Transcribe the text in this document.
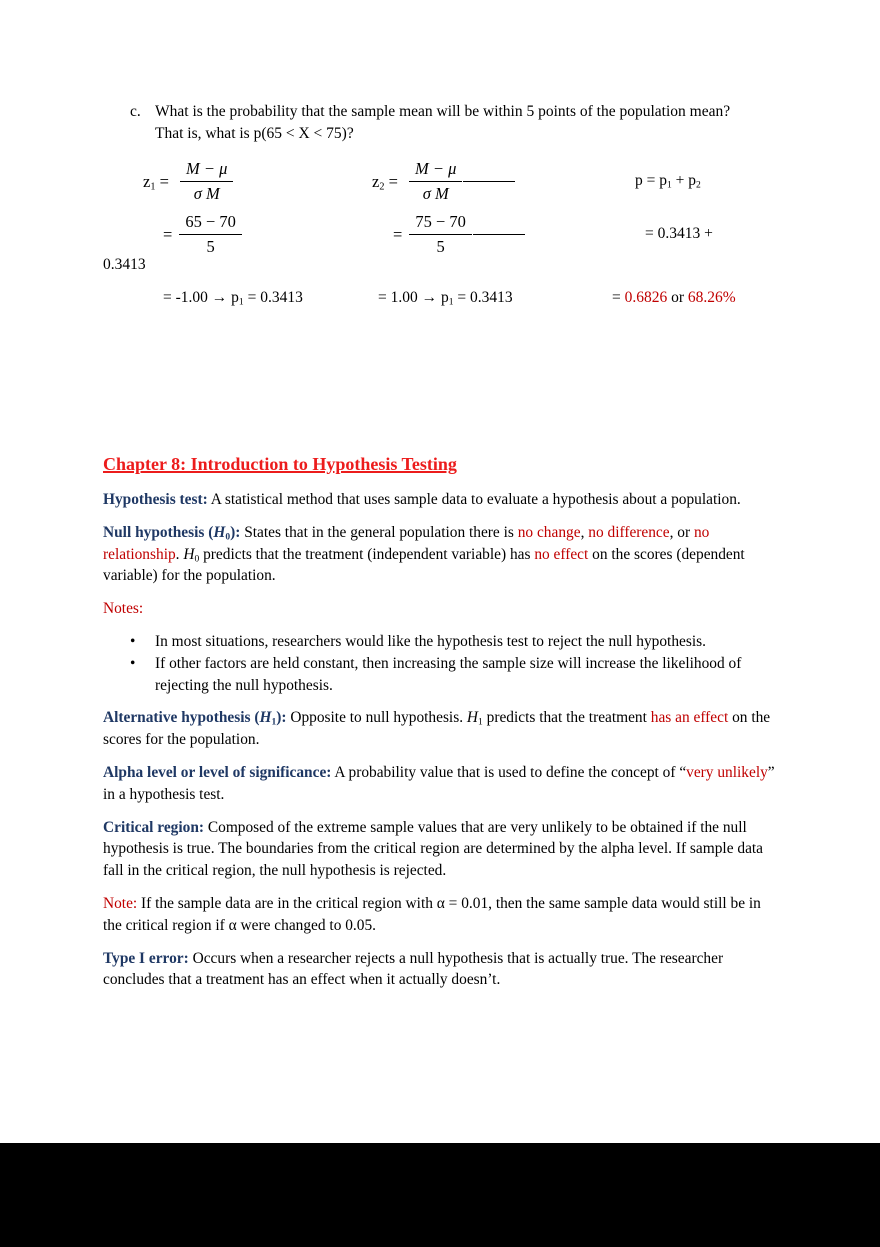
c. What is the probability that the sample mean will be within 5 points of the population mean? That is, what is p(65 < X < 75)?
$z_1 = \frac{M - \mu}{\text{σ M}}$	$z_2 = \frac{M - \mu}{\text{σ M}}$	$p = p_1 + p_2$
= $\frac{65 - 70}{5}$	= $\frac{75 - 70}{5}$	= 0.3413 +
0.3413
= $-1.00 \to p_1 = 0.3413$	= $1.00 \to p_1 = 0.3413$	= 0.6826 or 68.26%
Chapter 8: Introduction to Hypothesis Testing

Hypothesis test: A statistical method that uses sample data to evaluate a hypothesis about a population.

Null hypothesis $(H_0)$: States that in the general population there is no change, no difference, or no relationship. $H_0$ predicts that the treatment (independent variable) has no effect on the scores (dependent variable) for the population.

Notes:

•	In most situations, researchers would like the hypothesis test to reject the null hypothesis.
•	If other factors are held constant, then increasing the sample size will increase the likelihood of rejecting the null hypothesis.

Alternative hypothesis $(H_1)$: Opposite to null hypothesis. $H_1$ predicts that the treatment has an effect on the scores for the population.

Alpha level or level of significance: A probability value that is used to define the concept of “very unlikely” in a hypothesis test.

Critical region: Composed of the extreme sample values that are very unlikely to be obtained if the null hypothesis is true. The boundaries from the critical region are determined by the alpha level. If sample data fall in the critical region, the null hypothesis is rejected.

Note: If the sample data are in the critical region with α = 0.01, then the same sample data would still be in the critical region if α were changed to 0.05.

Type I error: Occurs when a researcher rejects a null hypothesis that is actually true. The researcher concludes that a treatment has an effect when it actually doesn’t.
